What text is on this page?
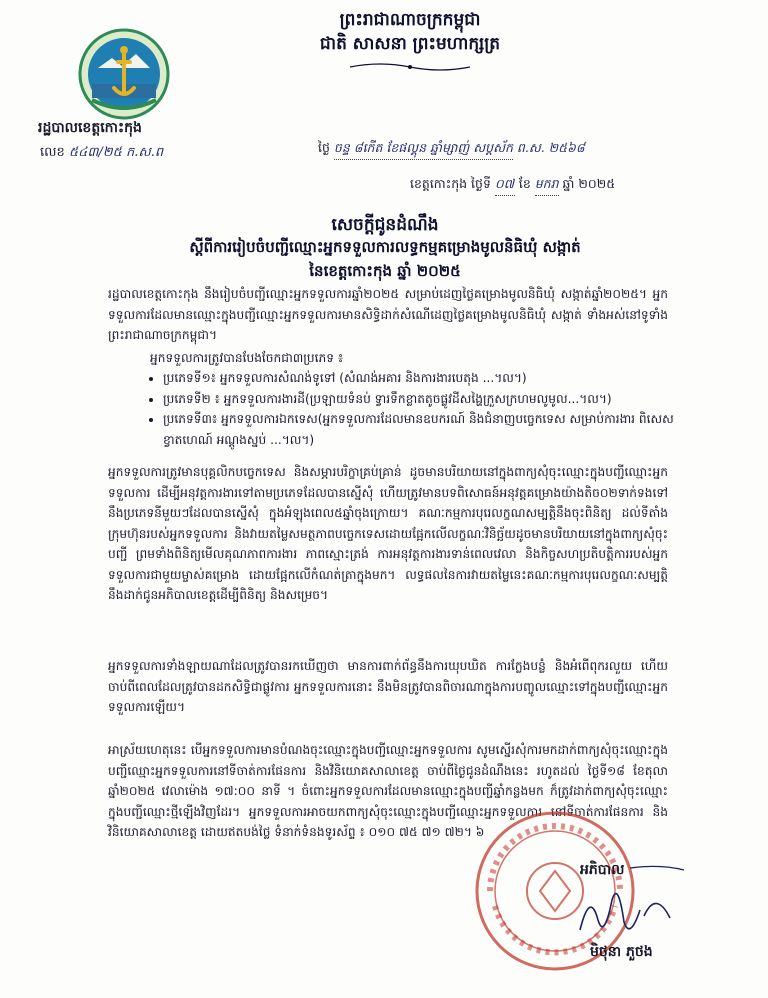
ព្រះរាជាណាចក្រកម្ពុជា
ជាតិ សាសនា ព្រះមហាក្សត្រ
រដ្ឋបាលខេត្តកោះកុង
លេខ ៥៤៣/២៥ ក.ស.ព	ថ្ងៃ ចន្ទ ៨កើត ខែផល្គុន ឆ្នាំម្សាញ់ សប្តស័ក ព.ស. ២៥៦៨
ខេត្តកោះកុង ថ្ងៃទី ០៧ ខែ មករា ឆ្នាំ ២០២៥
សេចក្តីជូនដំណឹង
ស្តីពីការរៀបចំបញ្ជីឈ្មោះអ្នកទទួលការលទ្ធកម្មគម្រោងមូលនិធិឃុំ សង្កាត់
នៃខេត្តកោះកុង ឆ្នាំ ២០២៥
រដ្ឋបាលខេត្តកោះកុង នឹងរៀបចំបញ្ជីឈ្មោះអ្នកទទួលការឆ្នាំ២០២៥ សម្រាប់ដេញថ្លៃគម្រោងមូលនិធិឃុំ សង្កាត់ឆ្នាំ២០២៥។ អ្នកទទួលការដែលមានឈ្មោះក្នុងបញ្ជីឈ្មោះអ្នកទទួលការមានសិទ្ធិដាក់សំណើដេញថ្លៃគម្រោងមូលនិធិឃុំ សង្កាត់ ទាំងអស់នៅទូទាំងព្រះរាជាណាចក្រកម្ពុជា។
អ្នកទទួលការត្រូវបានបែងចែកជា៣ប្រភេទ ៖
• ប្រភេទទី១៖ អ្នកទទួលការសំណង់ទូទៅ (សំណង់អគារ និងការងារបេតុង ...។ល។)
• ប្រភេទទី២ ៖ អ្នកទទួលការងារដី(ប្រឡាយទំនប់ ទ្វារទឹកខ្លាតតូចផ្លូវដីសង្ហៃក្រួសក្រហមលូមូល...។ល។)
• ប្រភេទទី៣៖ អ្នកទទួលការឯកទេស(អ្នកទទួលការដែលមានឧបករណ៍ និងជំនាញបច្ចេកទេស សម្រាប់ការងារ ពិសេស ខ្វាតហេណ៍ អណ្តូងស្នប់ ...។ល។)
អ្នកទទួលការត្រូវមានបុគ្គលិកបច្ចេកទេស និងសម្ភារបរិក្ខាគ្រប់គ្រាន់ ដូចមានបរិយាយនៅក្នុងពាក្យសុំចុះឈ្មោះក្នុងបញ្ជីឈ្មោះអ្នកទទួលការ ដើម្បីអនុវត្តការងារទៅតាមប្រភេទដែលបានស្នើសុំ ហើយត្រូវមានបទពិសោធន៍អនុវត្តគម្រោងយ៉ាងតិច០២ទាក់ទងទៅ នឹងប្រភេទនីមួយៗដែលបានស្នើសុំ ក្នុងអំឡុងពេល៥ឆ្នាំចុងក្រោយ។ គណៈកម្មការបុរេលក្ខណសម្បត្តិនឹងចុះពិនិត្យ ដល់ទីតាំងក្រុមហ៊ុនរបស់អ្នកទទួលការ និងវាយតម្លៃសមត្ថភាពបច្ចេកទេសដោយផ្អែកលើលក្ខណៈវិនិច្ឆ័យដូចមានបរិយាយនៅក្នុងពាក្យសុំចុះបញ្ជី ព្រមទាំងពិនិត្យមើលគុណភាពការងារ ភាពស្មោះត្រង់ ការអនុវត្តការងារទាន់ពេលវេលា និងកិច្ចសហប្រតិបត្តិការរបស់អ្នកទទួលការជាមួយម្ចាស់គម្រោង ដោយផ្អែកលើកំណត់ត្រាក្នុងមក។ លទ្ធផលនៃការវាយតម្លៃនេះគណៈកម្មការបុរេលក្ខណៈសម្បត្តិ នឹងដាក់ជូនអភិបាលខេត្តដើម្បីពិនិត្យ និងសម្រេច។
អ្នកទទួលការទាំងឡាយណាដែលត្រូវបានរកឃើញថា មានការពាក់ព័ន្ធនឹងការឃុបឃិត ការក្លែងបន្លំ និងអំពើពុករលួយ ហើយចាប់ពីពេលដែលត្រូវបានដកសិទ្ធិជាផ្លូវការ អ្នកទទួលការនោះ នឹងមិនត្រូវបានពិចារណាក្នុងការបញ្ចូលឈ្មោះទៅក្នុងបញ្ជីឈ្មោះអ្នកទទួលការឡើយ។
អាស្រ័យហេតុនេះ បើអ្នកទទួលការមានបំណងចុះឈ្មោះក្នុងបញ្ជីឈ្មោះអ្នកទទួលការ សូមស្នើរសុំការមកដាក់ពាក្យសុំចុះឈ្មោះក្នុងបញ្ជីឈ្មោះអ្នកទទួលការនៅទីចាត់ការផែនការ និងវិនិយោគសាលាខេត្ត ចាប់ពីថ្ងៃជូនដំណឹងនេះ រហូតដល់ ថ្ងៃទី១៨ ខែតុលា ឆ្នាំ២០២៥ វេលាម៉ោង ១៧:០០ នាទី ។ ចំពោះអ្នកទទួលការដែលមានឈ្មោះក្នុងបញ្ជីឆ្នាំកន្លងមក ក៏ត្រូវដាក់ពាក្យសុំចុះឈ្មោះក្នុងបញ្ជីឈ្មោះថ្មីឡើងវិញដែរ។ អ្នកទទួលការអាចយកពាក្យសុំចុះឈ្មោះក្នុងបញ្ជីឈ្មោះអ្នកទទួលការ នៅទីចាត់ការផែនការ និងវិនិយោគសាលាខេត្ត ដោយឥតបង់ថ្លៃ ទំនាក់ទំនងទូរស័ព្ទ ៖ ០១០ ៧៥ ៧១ ៧២។ ៦
អភិបាល
មិថុនា ភួថង
